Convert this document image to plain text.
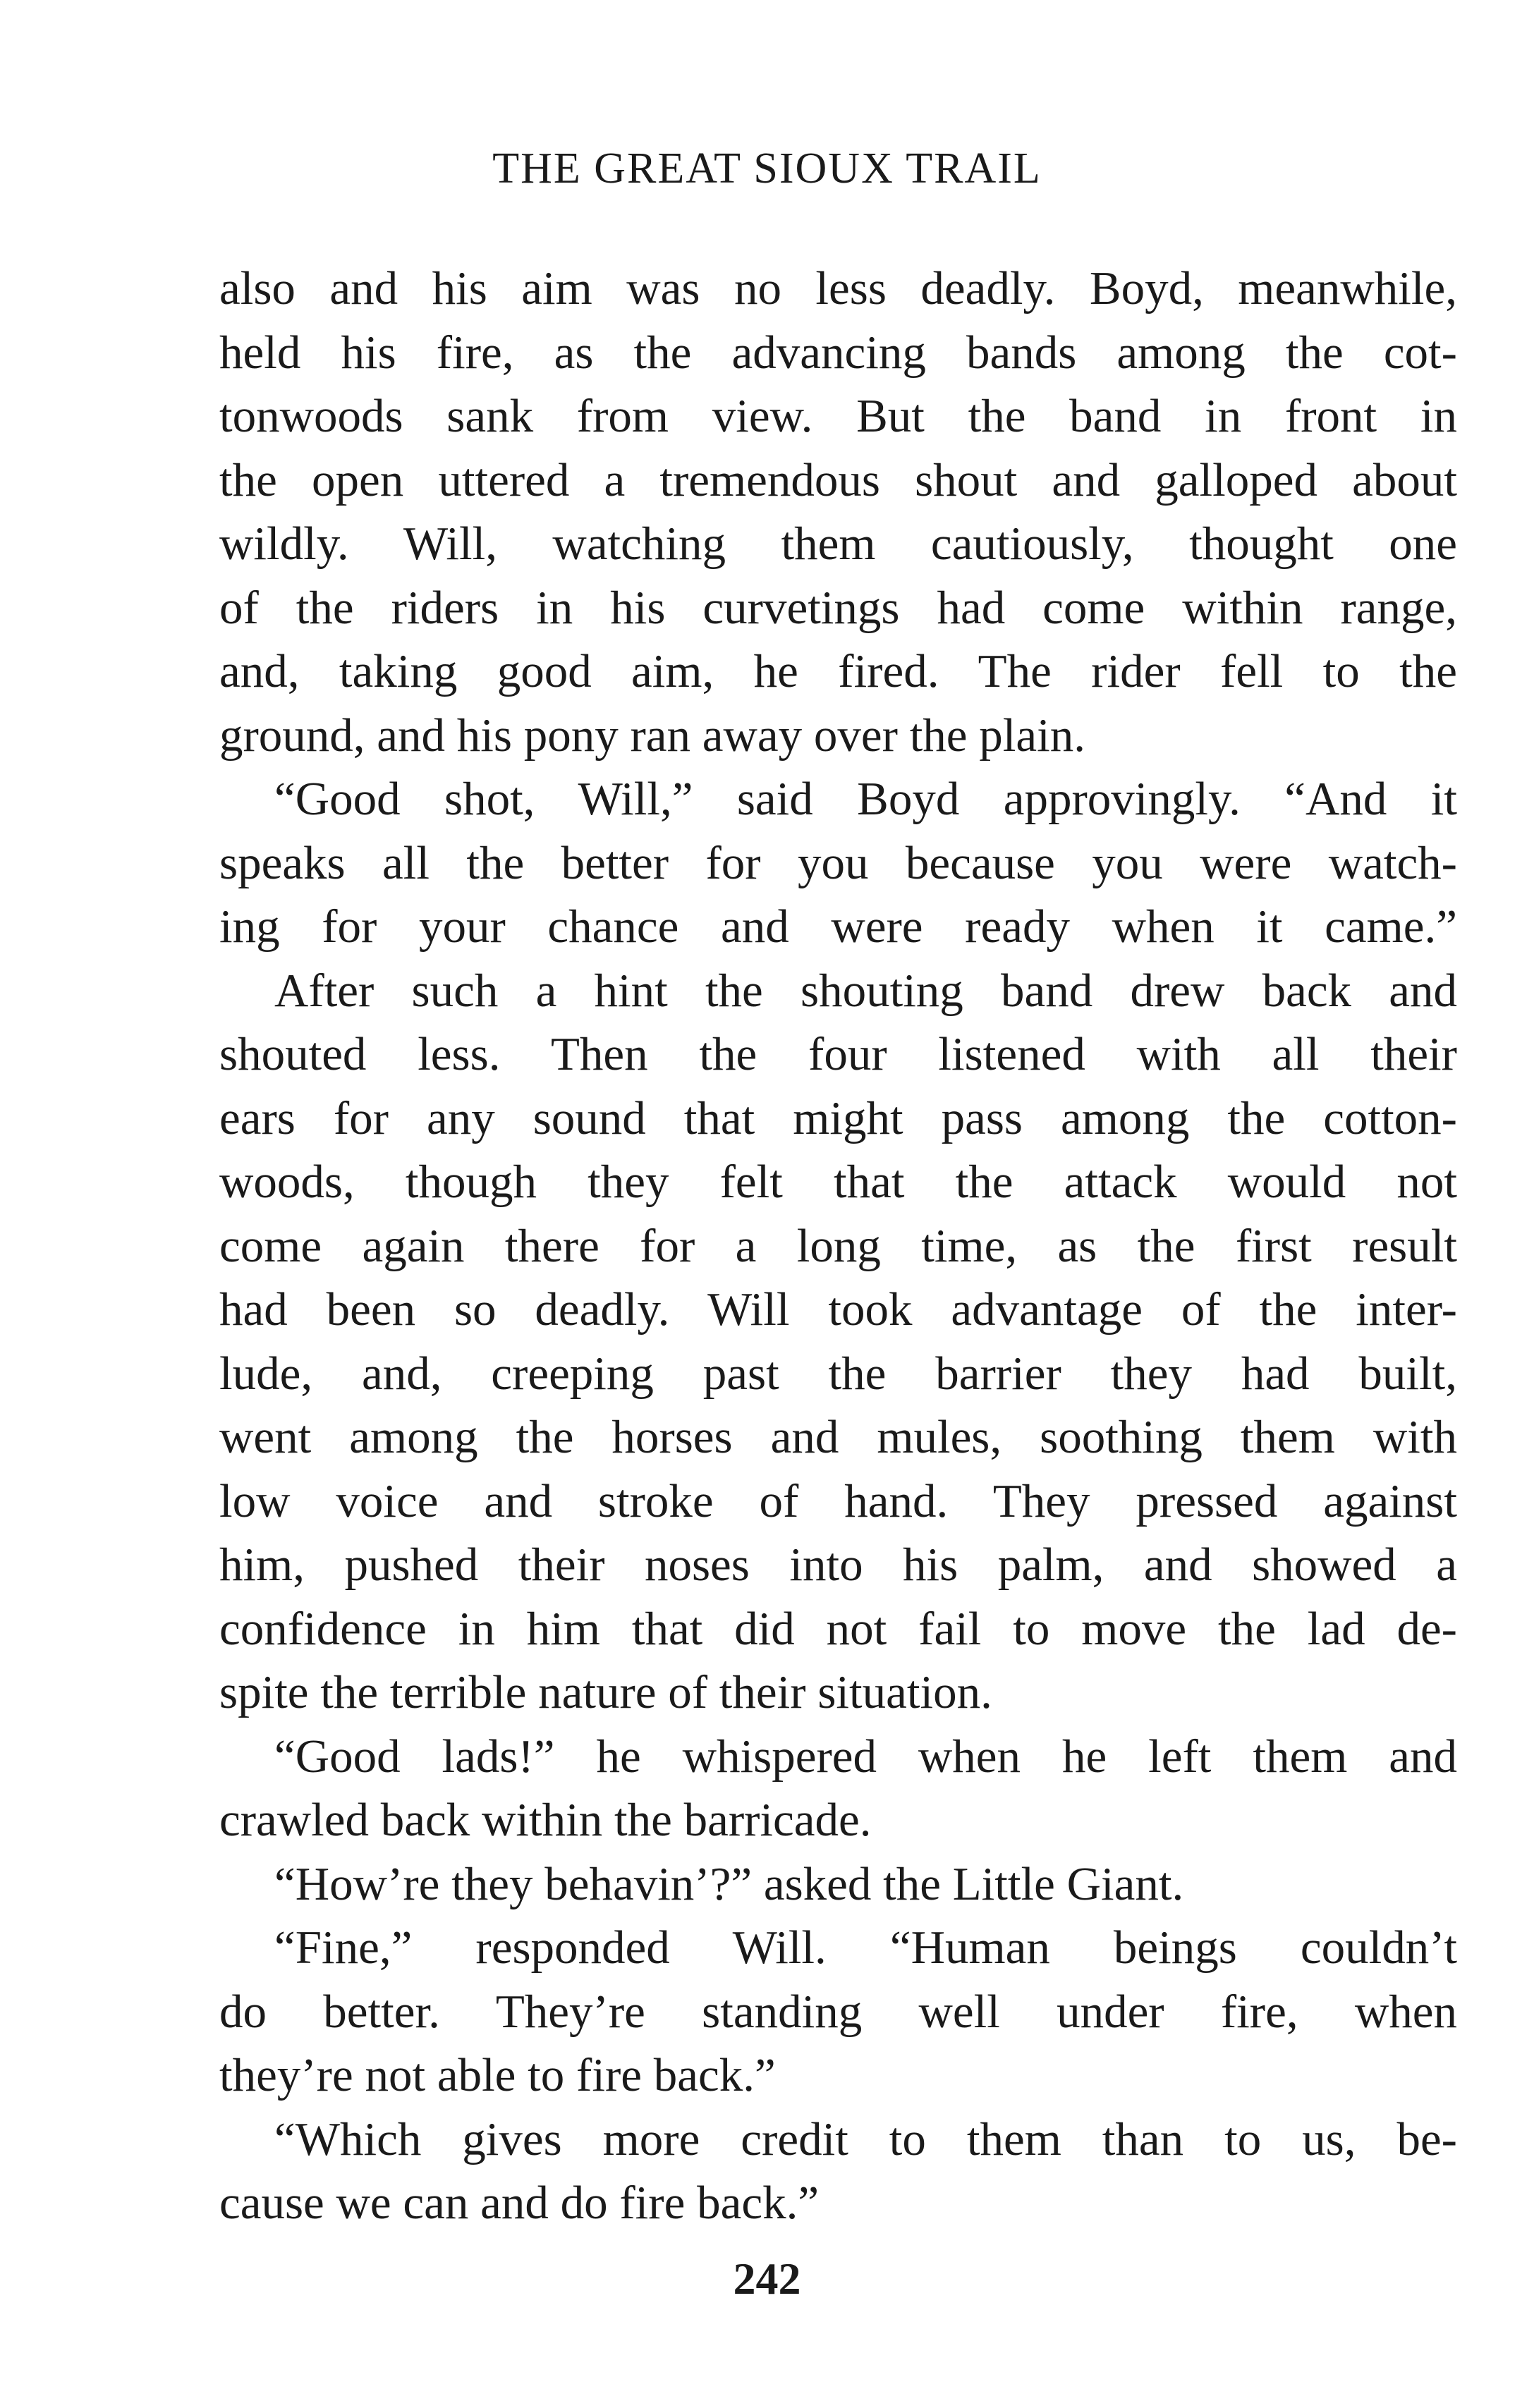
THE GREAT SIOUX TRAIL
also and his aim was no less deadly. Boyd, meanwhile,
held his fire, as the advancing bands among the cot-
tonwoods sank from view. But the band in front in
the open uttered a tremendous shout and galloped about
wildly. Will, watching them cautiously, thought one
of the riders in his curvetings had come within range,
and, taking good aim, he fired. The rider fell to the
ground, and his pony ran away over the plain.
“Good shot, Will,” said Boyd approvingly. “And it
speaks all the better for you because you were watch-
ing for your chance and were ready when it came.”
After such a hint the shouting band drew back and
shouted less. Then the four listened with all their
ears for any sound that might pass among the cotton-
woods, though they felt that the attack would not
come again there for a long time, as the first result
had been so deadly. Will took advantage of the inter-
lude, and, creeping past the barrier they had built,
went among the horses and mules, soothing them with
low voice and stroke of hand. They pressed against
him, pushed their noses into his palm, and showed a
confidence in him that did not fail to move the lad de-
spite the terrible nature of their situation.
“Good lads!” he whispered when he left them and
crawled back within the barricade.
“How’re they behavin’?” asked the Little Giant.
“Fine,” responded Will. “Human beings couldn’t
do better. They’re standing well under fire, when
they’re not able to fire back.”
“Which gives more credit to them than to us, be-
cause we can and do fire back.”
242
